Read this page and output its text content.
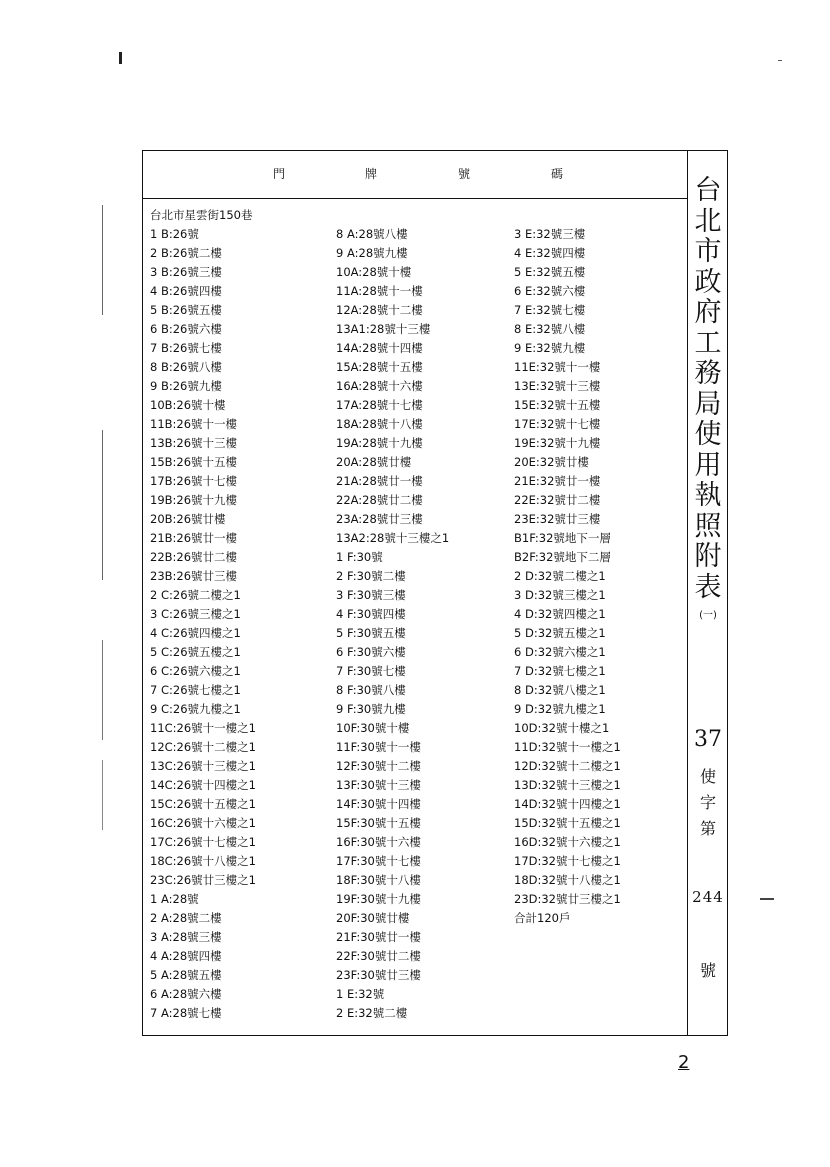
門	牌	號	碼
台北市星雲街150巷
1 B:26號
2 B:26號二樓
3 B:26號三樓
4 B:26號四樓
5 B:26號五樓
6 B:26號六樓
7 B:26號七樓
8 B:26號八樓
9 B:26號九樓
10B:26號十樓
11B:26號十一樓
13B:26號十三樓
15B:26號十五樓
17B:26號十七樓
19B:26號十九樓
20B:26號廿樓
21B:26號廿一樓
22B:26號廿二樓
23B:26號廿三樓
2 C:26號二樓之1
3 C:26號三樓之1
4 C:26號四樓之1
5 C:26號五樓之1
6 C:26號六樓之1
7 C:26號七樓之1
9 C:26號九樓之1
11C:26號十一樓之1
12C:26號十二樓之1
13C:26號十三樓之1
14C:26號十四樓之1
15C:26號十五樓之1
16C:26號十六樓之1
17C:26號十七樓之1
18C:26號十八樓之1
23C:26號廿三樓之1
1 A:28號
2 A:28號二樓
3 A:28號三樓
4 A:28號四樓
5 A:28號五樓
6 A:28號六樓
7 A:28號七樓
8 A:28號八樓
9 A:28號九樓
10A:28號十樓
11A:28號十一樓
12A:28號十二樓
13A1:28號十三樓
14A:28號十四樓
15A:28號十五樓
16A:28號十六樓
17A:28號十七樓
18A:28號十八樓
19A:28號十九樓
20A:28號廿樓
21A:28號廿一樓
22A:28號廿二樓
23A:28號廿三樓
13A2:28號十三樓之1
1 F:30號
2 F:30號二樓
3 F:30號三樓
4 F:30號四樓
5 F:30號五樓
6 F:30號六樓
7 F:30號七樓
8 F:30號八樓
9 F:30號九樓
10F:30號十樓
11F:30號十一樓
12F:30號十二樓
13F:30號十三樓
14F:30號十四樓
15F:30號十五樓
16F:30號十六樓
17F:30號十七樓
18F:30號十八樓
19F:30號十九樓
20F:30號廿樓
21F:30號廿一樓
22F:30號廿二樓
23F:30號廿三樓
1 E:32號
2 E:32號二樓
3 E:32號三樓
4 E:32號四樓
5 E:32號五樓
6 E:32號六樓
7 E:32號七樓
8 E:32號八樓
9 E:32號九樓
11E:32號十一樓
13E:32號十三樓
15E:32號十五樓
17E:32號十七樓
19E:32號十九樓
20E:32號廿樓
21E:32號廿一樓
22E:32號廿二樓
23E:32號廿三樓
B1F:32號地下一層
B2F:32號地下二層
2 D:32號二樓之1
3 D:32號三樓之1
4 D:32號四樓之1
5 D:32號五樓之1
6 D:32號六樓之1
7 D:32號七樓之1
8 D:32號八樓之1
9 D:32號九樓之1
10D:32號十樓之1
11D:32號十一樓之1
12D:32號十二樓之1
13D:32號十三樓之1
14D:32號十四樓之1
15D:32號十五樓之1
16D:32號十六樓之1
17D:32號十七樓之1
18D:32號十八樓之1
23D:32號廿三樓之1
合計120戶
台
北
市
政
府
工
務
局
使
用
執
照
附
表
(一)
37
使
字
第
244
號
2
